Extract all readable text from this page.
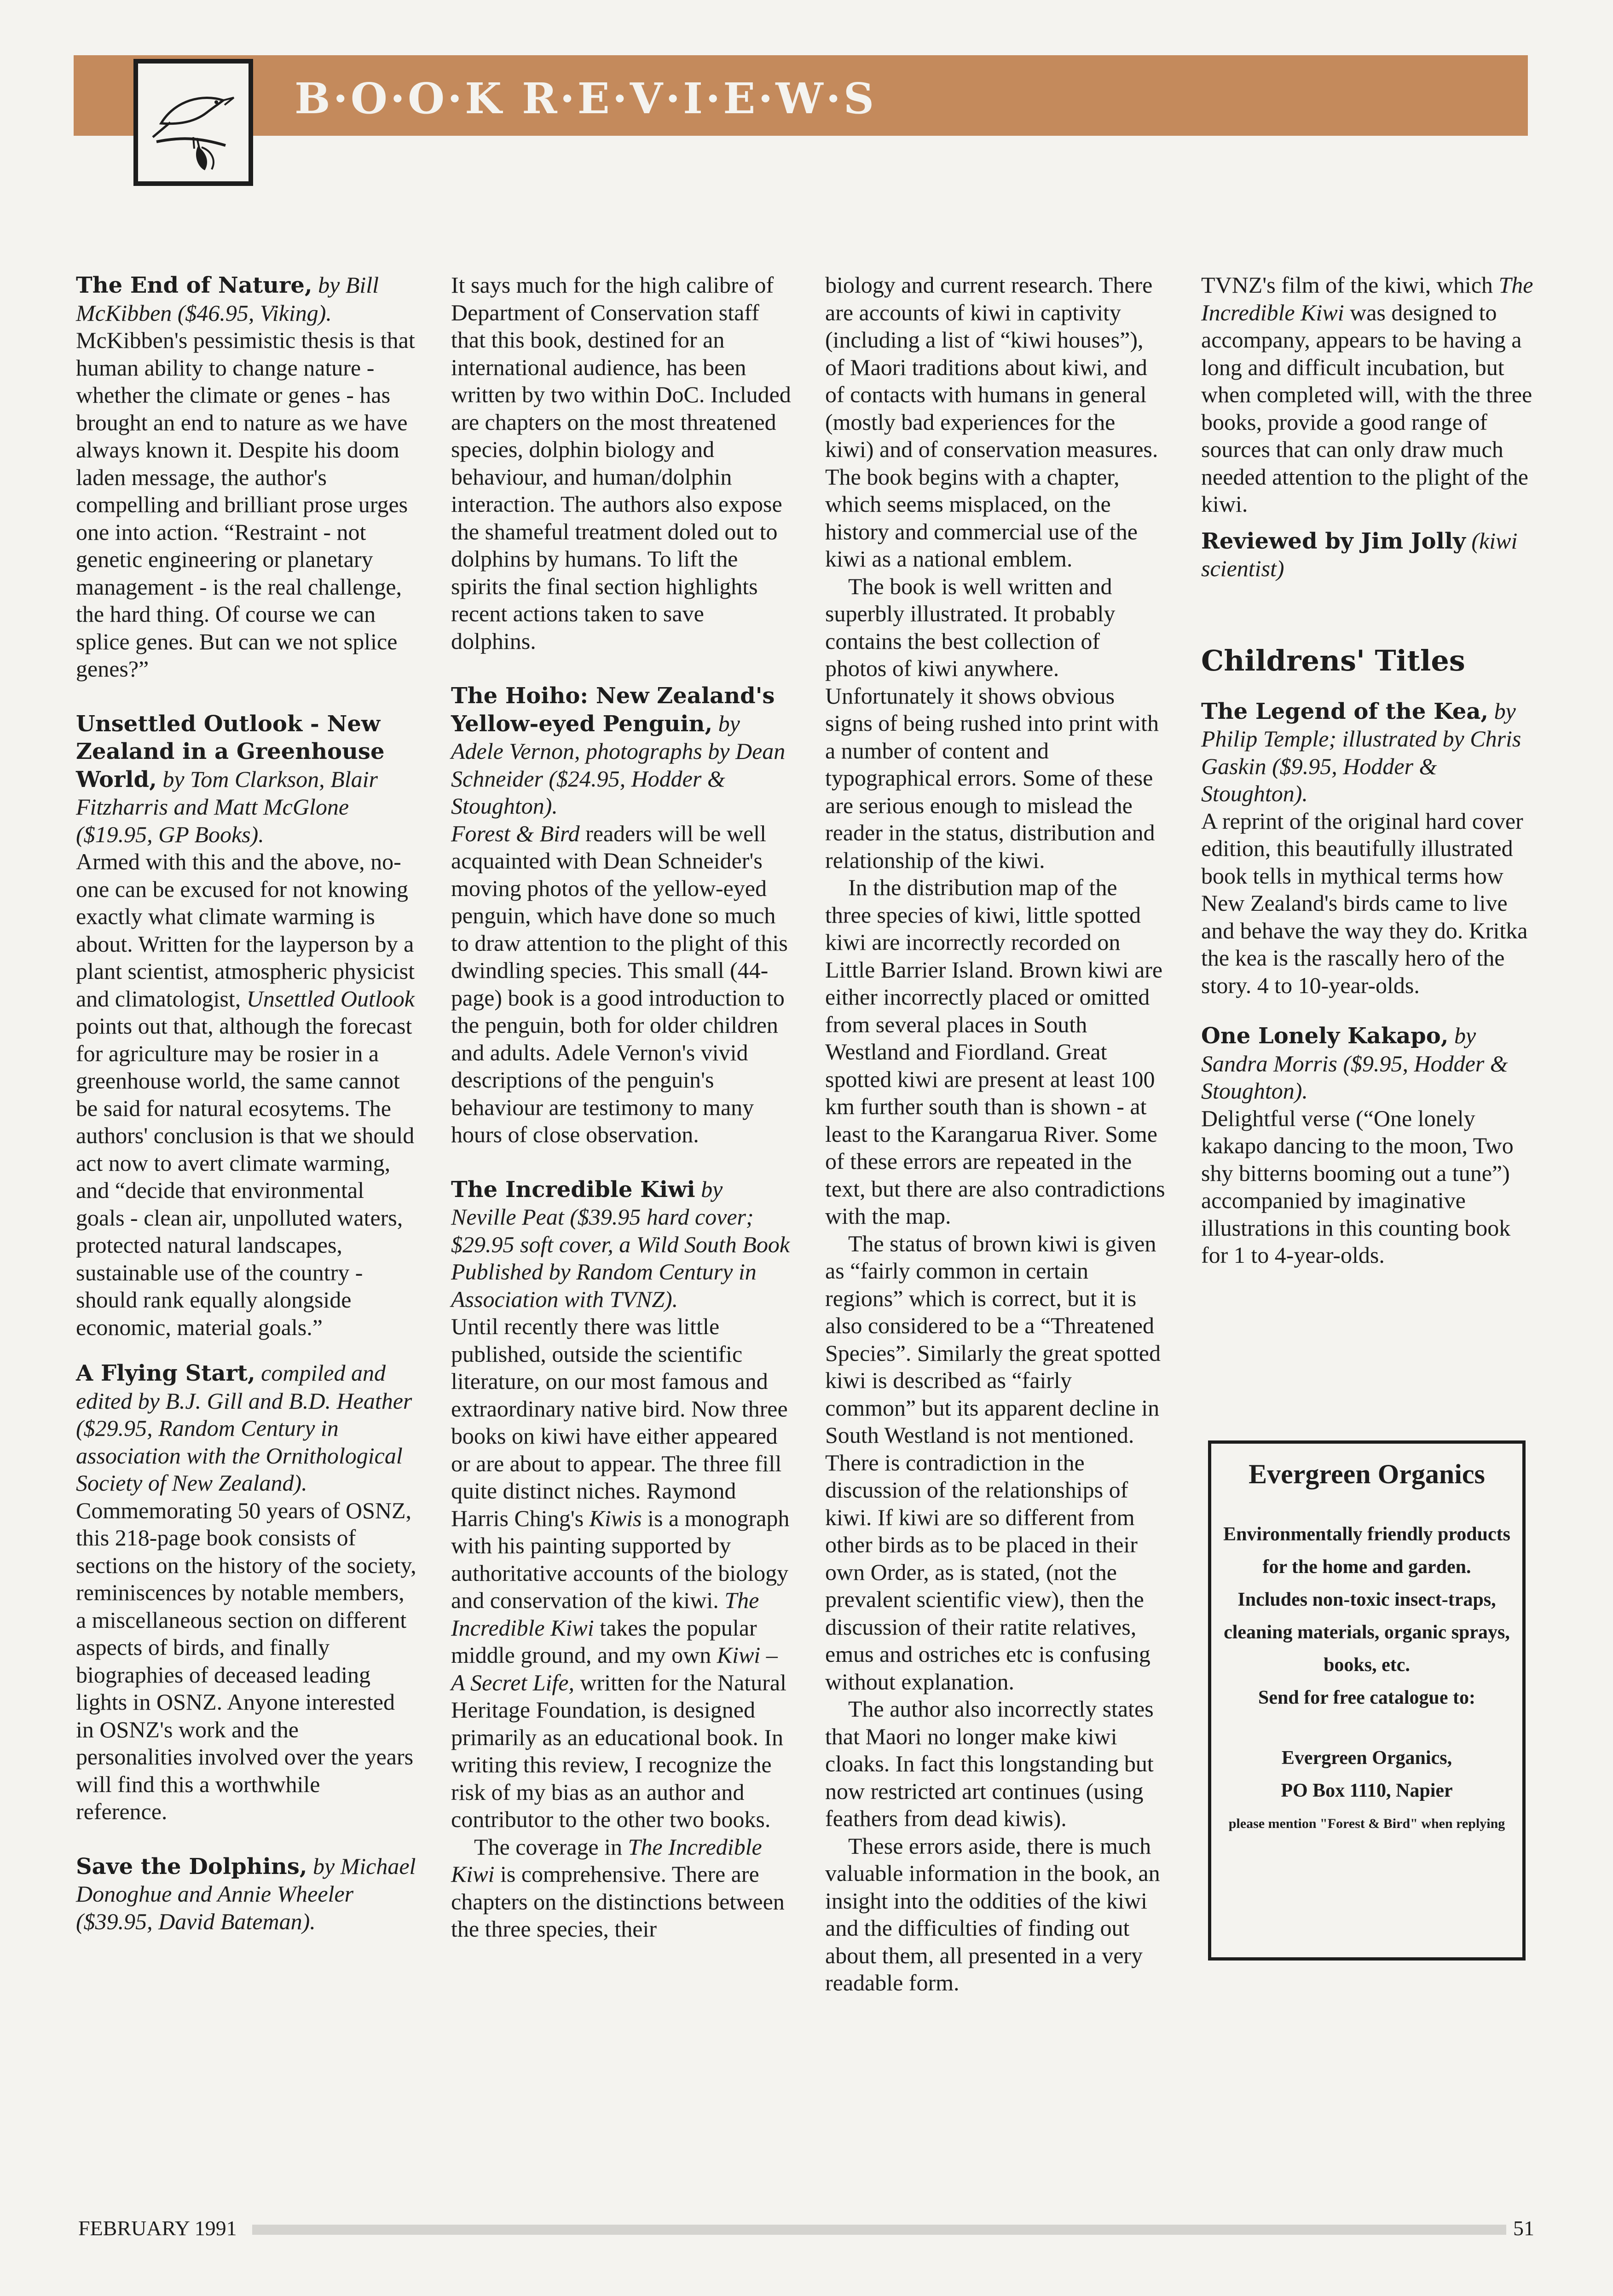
B·O·O·K R·E·V·I·E·W·S

The End of Nature, by Bill McKibben ($46.95, Viking).

McKibben's pessimistic thesis is that human ability to change nature - whether the climate or genes - has brought an end to nature as we have always known it. Despite his doom laden message, the author's compelling and brilliant prose urges one into action. “Restraint - not genetic engineering or planetary management - is the real challenge, the hard thing. Of course we can splice genes. But can we not splice genes?”

Unsettled Outlook - New Zealand in a Greenhouse World, by Tom Clarkson, Blair Fitzharris and Matt McGlone ($19.95, GP Books).

Armed with this and the above, no-one can be excused for not knowing exactly what climate warming is about. Written for the layperson by a plant scientist, atmospheric physicist and climatologist, Unsettled Outlook points out that, although the forecast for agriculture may be rosier in a greenhouse world, the same cannot be said for natural ecosytems. The authors' conclusion is that we should act now to avert climate warming, and “decide that environmental goals - clean air, unpolluted waters, protected natural landscapes, sustainable use of the country - should rank equally alongside economic, material goals.”

A Flying Start, compiled and edited by B.J. Gill and B.D. Heather ($29.95, Random Century in association with the Ornithological Society of New Zealand).

Commemorating 50 years of OSNZ, this 218-page book consists of sections on the history of the society, reminiscences by notable members, a miscellaneous section on different aspects of birds, and finally biographies of deceased leading lights in OSNZ. Anyone interested in OSNZ's work and the personalities involved over the years will find this a worthwhile reference.

Save the Dolphins, by Michael Donoghue and Annie Wheeler ($39.95, David Bateman).

It says much for the high calibre of Department of Conservation staff that this book, destined for an international audience, has been written by two within DoC. Included are chapters on the most threatened species, dolphin biology and behaviour, and human/dolphin interaction. The authors also expose the shameful treatment doled out to dolphins by humans. To lift the spirits the final section highlights recent actions taken to save dolphins.

The Hoiho: New Zealand's Yellow-eyed Penguin, by Adele Vernon, photographs by Dean Schneider ($24.95, Hodder & Stoughton).

Forest & Bird readers will be well acquainted with Dean Schneider's moving photos of the yellow-eyed penguin, which have done so much to draw attention to the plight of this dwindling species. This small (44-page) book is a good introduction to the penguin, both for older children and adults. Adele Vernon's vivid descriptions of the penguin's behaviour are testimony to many hours of close observation.

The Incredible Kiwi by Neville Peat ($39.95 hard cover; $29.95 soft cover, a Wild South Book Published by Random Century in Association with TVNZ).

Until recently there was little published, outside the scientific literature, on our most famous and extraordinary native bird. Now three books on kiwi have either appeared or are about to appear. The three fill quite distinct niches. Raymond Harris Ching's Kiwis is a monograph with his painting supported by authoritative accounts of the biology and conservation of the kiwi. The Incredible Kiwi takes the popular middle ground, and my own Kiwi – A Secret Life, written for the Natural Heritage Foundation, is designed primarily as an educational book. In writing this review, I recognize the risk of my bias as an author and contributor to the other two books.

The coverage in The Incredible Kiwi is comprehensive. There are chapters on the distinctions between the three species, their

biology and current research. There are accounts of kiwi in captivity (including a list of “kiwi houses”), of Maori traditions about kiwi, and of contacts with humans in general (mostly bad experiences for the kiwi) and of conservation measures. The book begins with a chapter, which seems misplaced, on the history and commercial use of the kiwi as a national emblem.

The book is well written and superbly illustrated. It probably contains the best collection of photos of kiwi anywhere. Unfortunately it shows obvious signs of being rushed into print with a number of content and typographical errors. Some of these are serious enough to mislead the reader in the status, distribution and relationship of the kiwi.

In the distribution map of the three species of kiwi, little spotted kiwi are incorrectly recorded on Little Barrier Island. Brown kiwi are either incorrectly placed or omitted from several places in South Westland and Fiordland. Great spotted kiwi are present at least 100 km further south than is shown - at least to the Karangarua River. Some of these errors are repeated in the text, but there are also contradictions with the map.

The status of brown kiwi is given as “fairly common in certain regions” which is correct, but it is also considered to be a “Threatened Species”. Similarly the great spotted kiwi is described as “fairly common” but its apparent decline in South Westland is not mentioned. There is contradiction in the discussion of the relationships of kiwi. If kiwi are so different from other birds as to be placed in their own Order, as is stated, (not the prevalent scientific view), then the discussion of their ratite relatives, emus and ostriches etc is confusing without explanation.

The author also incorrectly states that Maori no longer make kiwi cloaks. In fact this longstanding but now restricted art continues (using feathers from dead kiwis).

These errors aside, there is much valuable information in the book, an insight into the oddities of the kiwi and the difficulties of finding out about them, all presented in a very readable form.

TVNZ's film of the kiwi, which The Incredible Kiwi was designed to accompany, appears to be having a long and difficult incubation, but when completed will, with the three books, provide a good range of sources that can only draw much needed attention to the plight of the kiwi.

Reviewed by Jim Jolly (kiwi scientist)

Childrens' Titles

The Legend of the Kea, by Philip Temple; illustrated by Chris Gaskin ($9.95, Hodder & Stoughton).

A reprint of the original hard cover edition, this beautifully illustrated book tells in mythical terms how New Zealand's birds came to live and behave the way they do. Kritka the kea is the rascally hero of the story. 4 to 10-year-olds.

One Lonely Kakapo, by Sandra Morris ($9.95, Hodder & Stoughton).

Delightful verse (“One lonely kakapo dancing to the moon, Two shy bitterns booming out a tune”) accompanied by imaginative illustrations in this counting book for 1 to 4-year-olds.

Evergreen Organics
Environmentally friendly products for the home and garden.
Includes non-toxic insect-traps, cleaning materials, organic sprays, books, etc.
Send for free catalogue to:
Evergreen Organics,
PO Box 1110, Napier
please mention "Forest & Bird" when replying
FEBRUARY 1991	51
